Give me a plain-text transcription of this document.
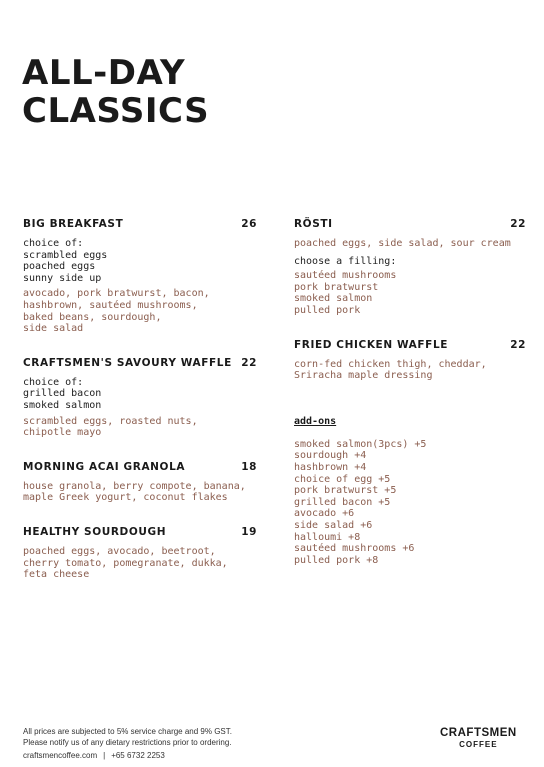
ALL-DAY
CLASSICS
BIG BREAKFAST	26
choice of:
scrambled eggs
poached eggs
sunny side up
avocado, pork bratwurst, bacon,
hashbrown, sautéed mushrooms,
baked beans, sourdough,
side salad
CRAFTSMEN'S SAVOURY WAFFLE 22
choice of:
grilled bacon
smoked salmon
scrambled eggs, roasted nuts,
chipotle mayo
MORNING ACAI GRANOLA	18
house granola, berry compote, banana,
maple Greek yogurt, coconut flakes
HEALTHY SOURDOUGH	19
poached eggs, avocado, beetroot,
cherry tomato, pomegranate, dukka,
feta cheese
RÖSTI	22
poached eggs, side salad, sour cream
choose a filling:
sautéed mushrooms
pork bratwurst
smoked salmon
pulled pork
FRIED CHICKEN WAFFLE	22
corn-fed chicken thigh, cheddar,
Sriracha maple dressing
add-ons
smoked salmon(3pcs) +5
sourdough +4
hashbrown +4
choice of egg +5
pork bratwurst +5
grilled bacon +5
avocado +6
side salad +6
halloumi +8
sautéed mushrooms +6
pulled pork +8
All prices are subjected to 5% service charge and 9% GST.
Please notify us of any dietary restrictions prior to ordering.
craftsmencoffee.com | +65 6732 2253
CRAFTSMEN
COFFEE
